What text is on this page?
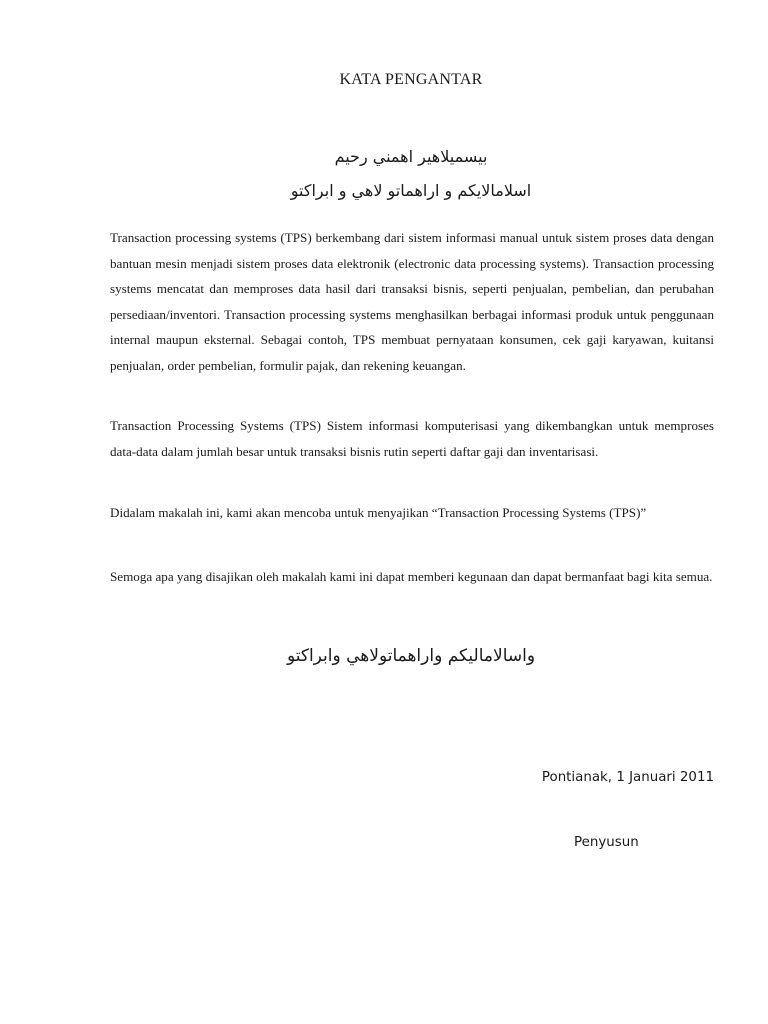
KATA PENGANTAR
بيسميلاهير اهمني رحيم
اسلامالايكم و اراهماتو لاهي و ابراكتو

Transaction processing systems (TPS) berkembang dari sistem informasi manual untuk sistem proses data dengan bantuan mesin menjadi sistem proses data elektronik (electronic data processing systems). Transaction processing systems mencatat dan memproses data hasil dari transaksi bisnis, seperti penjualan, pembelian, dan perubahan persediaan/inventori. Transaction processing systems menghasilkan berbagai informasi produk untuk penggunaan internal maupun eksternal. Sebagai contoh, TPS membuat pernyataan konsumen, cek gaji karyawan, kuitansi penjualan, order pembelian, formulir pajak, dan rekening keuangan.

Transaction Processing Systems (TPS) Sistem informasi komputerisasi yang dikembangkan untuk memproses data-data dalam jumlah besar untuk transaksi bisnis rutin seperti daftar gaji dan inventarisasi.

Didalam makalah ini, kami akan mencoba untuk menyajikan “Transaction Processing Systems (TPS)”

Semoga apa yang disajikan oleh makalah kami ini dapat memberi kegunaan dan dapat bermanfaat bagi kita semua.

واسالاماليكم واراهماتولاهي وابراكتو
Pontianak, 1 Januari 2011
Penyusun
